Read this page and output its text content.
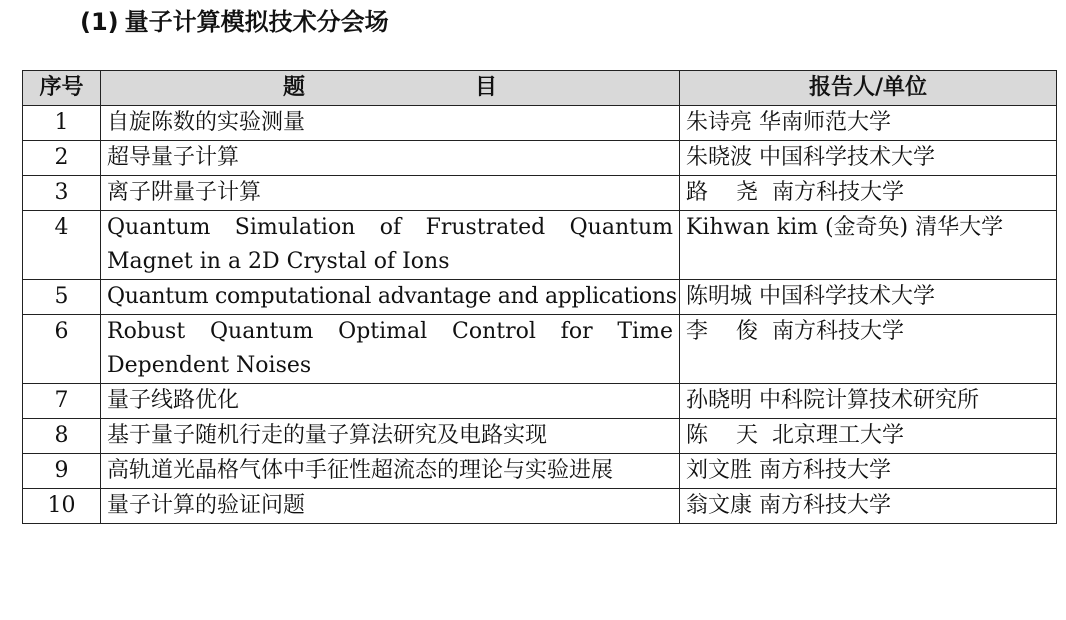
(1) 量子计算模拟技术分会场
序号	题 目	报告人/单位
1	自旋陈数的实验测量	朱诗亮 华南师范大学
2	超导量子计算	朱晓波 中国科学技术大学
3	离子阱量子计算	路    尧  南方科技大学
4	Quantum Simulation of Frustrated Quantum Magnet in a 2D Crystal of Ions	Kihwan kim (金奇奂) 清华大学
5	Quantum computational advantage and applications	陈明城 中国科学技术大学
6	Robust Quantum Optimal Control for Time Dependent Noises	李    俊  南方科技大学
7	量子线路优化	孙晓明 中科院计算技术研究所
8	基于量子随机行走的量子算法研究及电路实现	陈    天  北京理工大学
9	高轨道光晶格气体中手征性超流态的理论与实验进展	刘文胜 南方科技大学
10	量子计算的验证问题	翁文康 南方科技大学
